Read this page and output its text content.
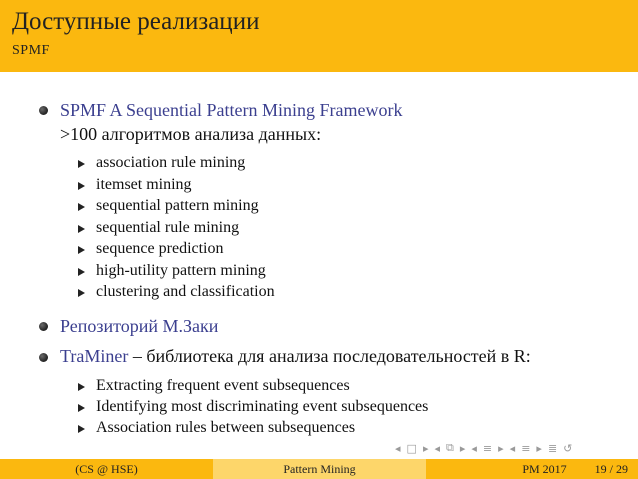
Доступные реализации
SPMF
SPMF A Sequential Pattern Mining Framework
>100 алгоритмов анализа данных:
association rule mining
itemset mining
sequential pattern mining
sequential rule mining
sequence prediction
high-utility pattern mining
clustering and classification
Репозиторий М.Заки
TraMiner – библиотека для анализа последовательностей в R:
Extracting frequent event subsequences
Identifying most discriminating event subsequences
Association rules between subsequences
◂ □ ▸ ◂ ⧉ ▸ ◂ ≡ ▸ ◂ ≡ ▸ ≣ ↺
(CS @ HSE)	Pattern Mining	PM 2017 19 / 29
